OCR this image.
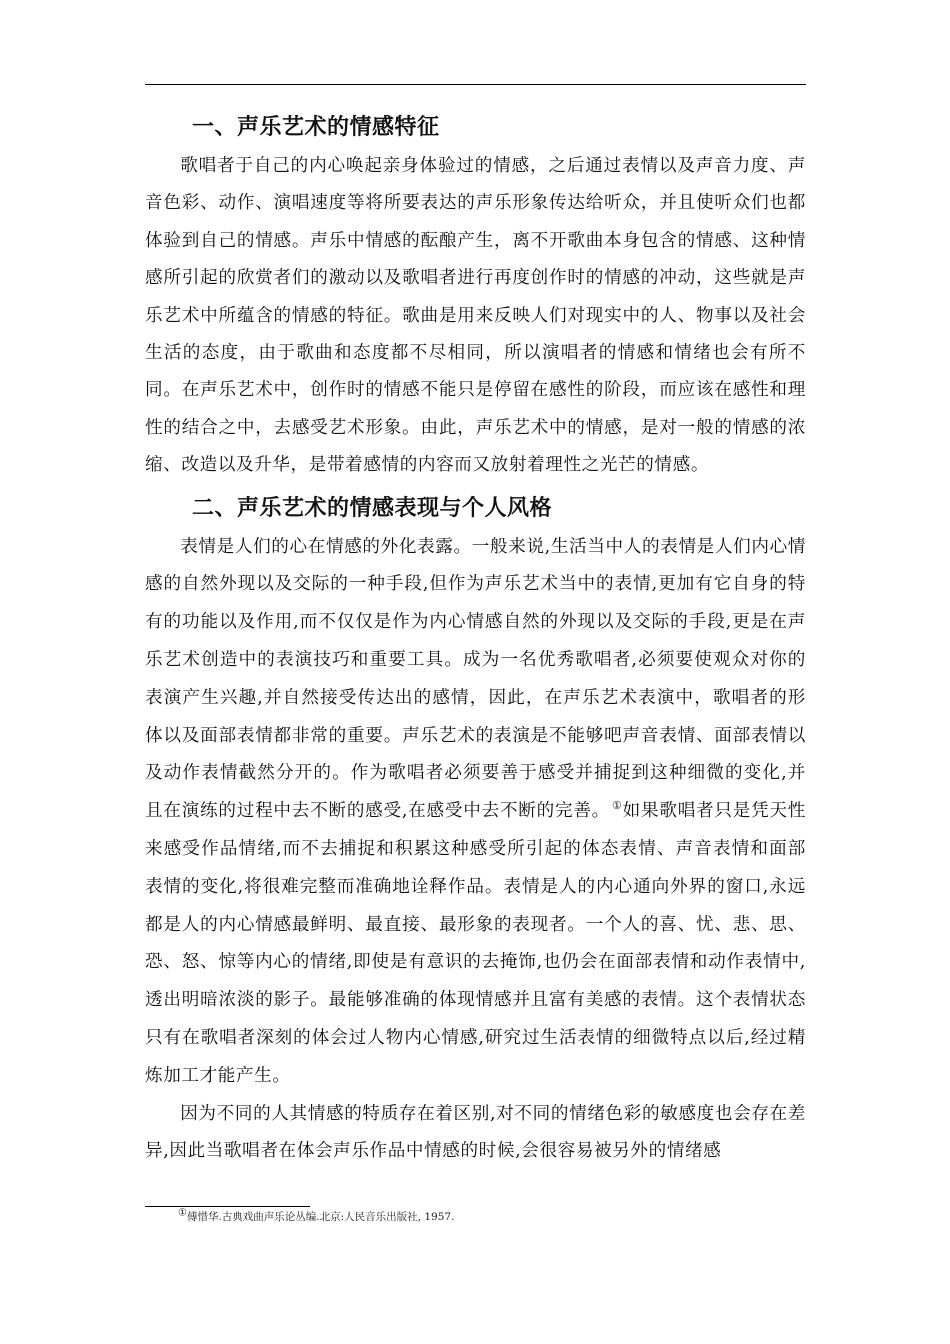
一、声乐艺术的情感特征

歌唱者于自己的内心唤起亲身体验过的情感，之后通过表情以及声音力度、声音色彩、动作、演唱速度等将所要表达的声乐形象传达给听众，并且使听众们也都体验到自己的情感。声乐中情感的酝酿产生，离不开歌曲本身包含的情感、这种情感所引起的欣赏者们的激动以及歌唱者进行再度创作时的情感的冲动，这些就是声乐艺术中所蕴含的情感的特征。歌曲是用来反映人们对现实中的人、物事以及社会生活的态度，由于歌曲和态度都不尽相同，所以演唱者的情感和情绪也会有所不同。在声乐艺术中，创作时的情感不能只是停留在感性的阶段，而应该在感性和理性的结合之中，去感受艺术形象。由此，声乐艺术中的情感，是对一般的情感的浓缩、改造以及升华，是带着感情的内容而又放射着理性之光芒的情感。

二、声乐艺术的情感表现与个人风格

表情是人们的心在情感的外化表露。一般来说,生活当中人的表情是人们内心情感的自然外现以及交际的一种手段,但作为声乐艺术当中的表情,更加有它自身的特有的功能以及作用,而不仅仅是作为内心情感自然的外现以及交际的手段,更是在声乐艺术创造中的表演技巧和重要工具。成为一名优秀歌唱者,必须要使观众对你的表演产生兴趣,并自然接受传达出的感情，因此，在声乐艺术表演中，歌唱者的形体以及面部表情都非常的重要。声乐艺术的表演是不能够吧声音表情、面部表情以及动作表情截然分开的。作为歌唱者必须要善于感受并捕捉到这种细微的变化,并且在演练的过程中去不断的感受,在感受中去不断的完善。 ①如果歌唱者只是凭天性来感受作品情绪,而不去捕捉和积累这种感受所引起的体态表情、声音表情和面部表情的变化,将很难完整而准确地诠释作品。表情是人的内心通向外界的窗口,永远都是人的内心情感最鲜明、最直接、最形象的表现者。一个人的喜、忧、悲、思、恐、怒、惊等内心的情绪,即使是有意识的去掩饰,也仍会在面部表情和动作表情中,透出明暗浓淡的影子。最能够准确的体现情感并且富有美感的表情。这个表情状态只有在歌唱者深刻的体会过人物内心情感,研究过生活表情的细微特点以后,经过精炼加工才能产生。

因为不同的人其情感的特质存在着区别,对不同的情绪色彩的敏感度也会存在差异,因此当歌唱者在体会声乐作品中情感的时候,会很容易被另外的情绪感

①傅惜华.古典戏曲声乐论丛编.北京:人民音乐出版社, 1957.
